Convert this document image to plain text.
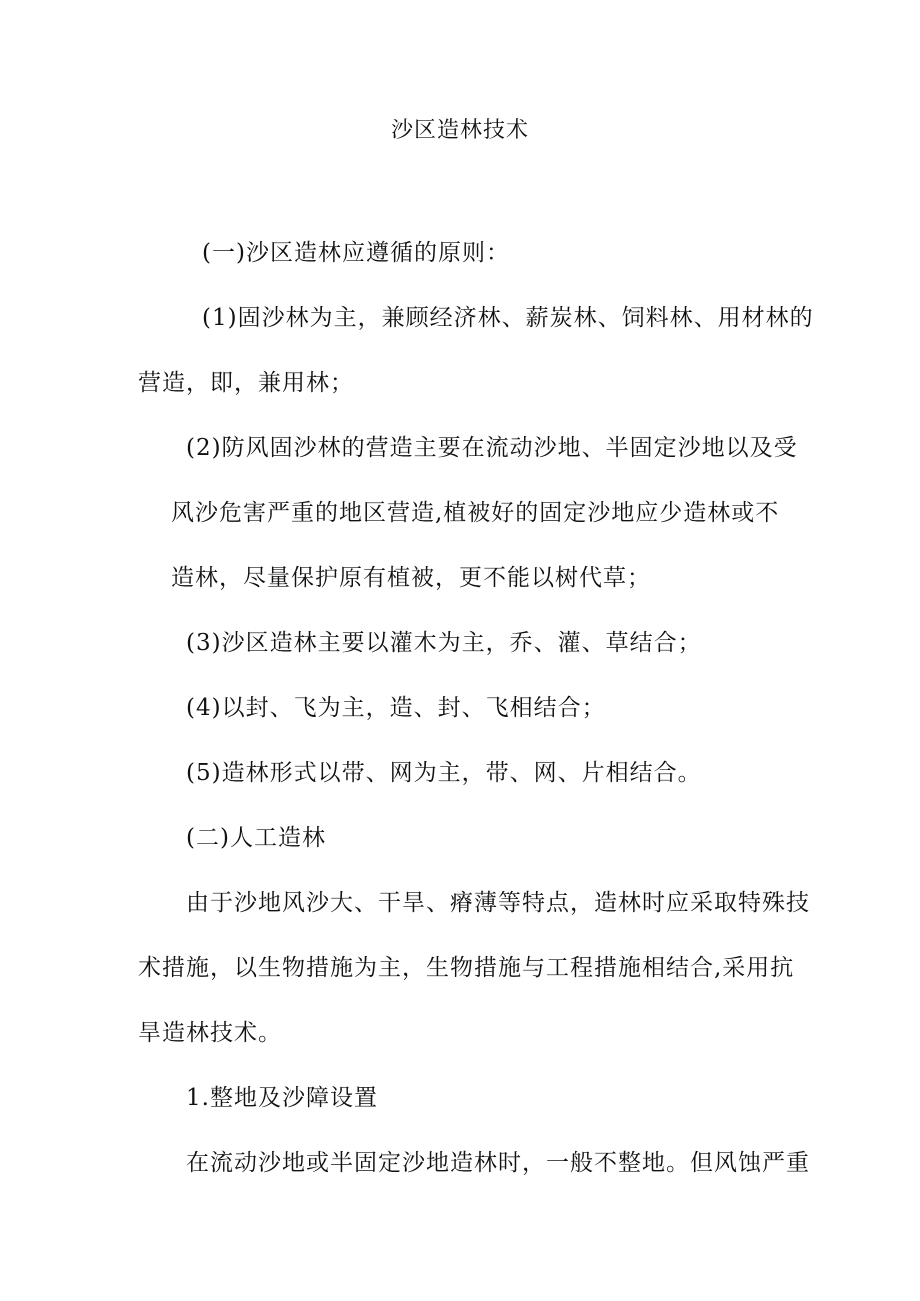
沙区造林技术
(一)沙区造林应遵循的原则：
(1)固沙林为主，兼顾经济林、薪炭林、饲料林、用材林的
营造，即，兼用林；
(2)防风固沙林的营造主要在流动沙地、半固定沙地以及受
风沙危害严重的地区营造,植被好的固定沙地应少造林或不
造林，尽量保护原有植被，更不能以树代草；
(3)沙区造林主要以灌木为主，乔、灌、草结合；
(4)以封、飞为主，造、封、飞相结合；
(5)造林形式以带、网为主，带、网、片相结合。
(二)人工造林
由于沙地风沙大、干旱、瘠薄等特点，造林时应采取特殊技
术措施，以生物措施为主，生物措施与工程措施相结合,采用抗
旱造林技术。
1.整地及沙障设置
在流动沙地或半固定沙地造林时，一般不整地。但风蚀严重
